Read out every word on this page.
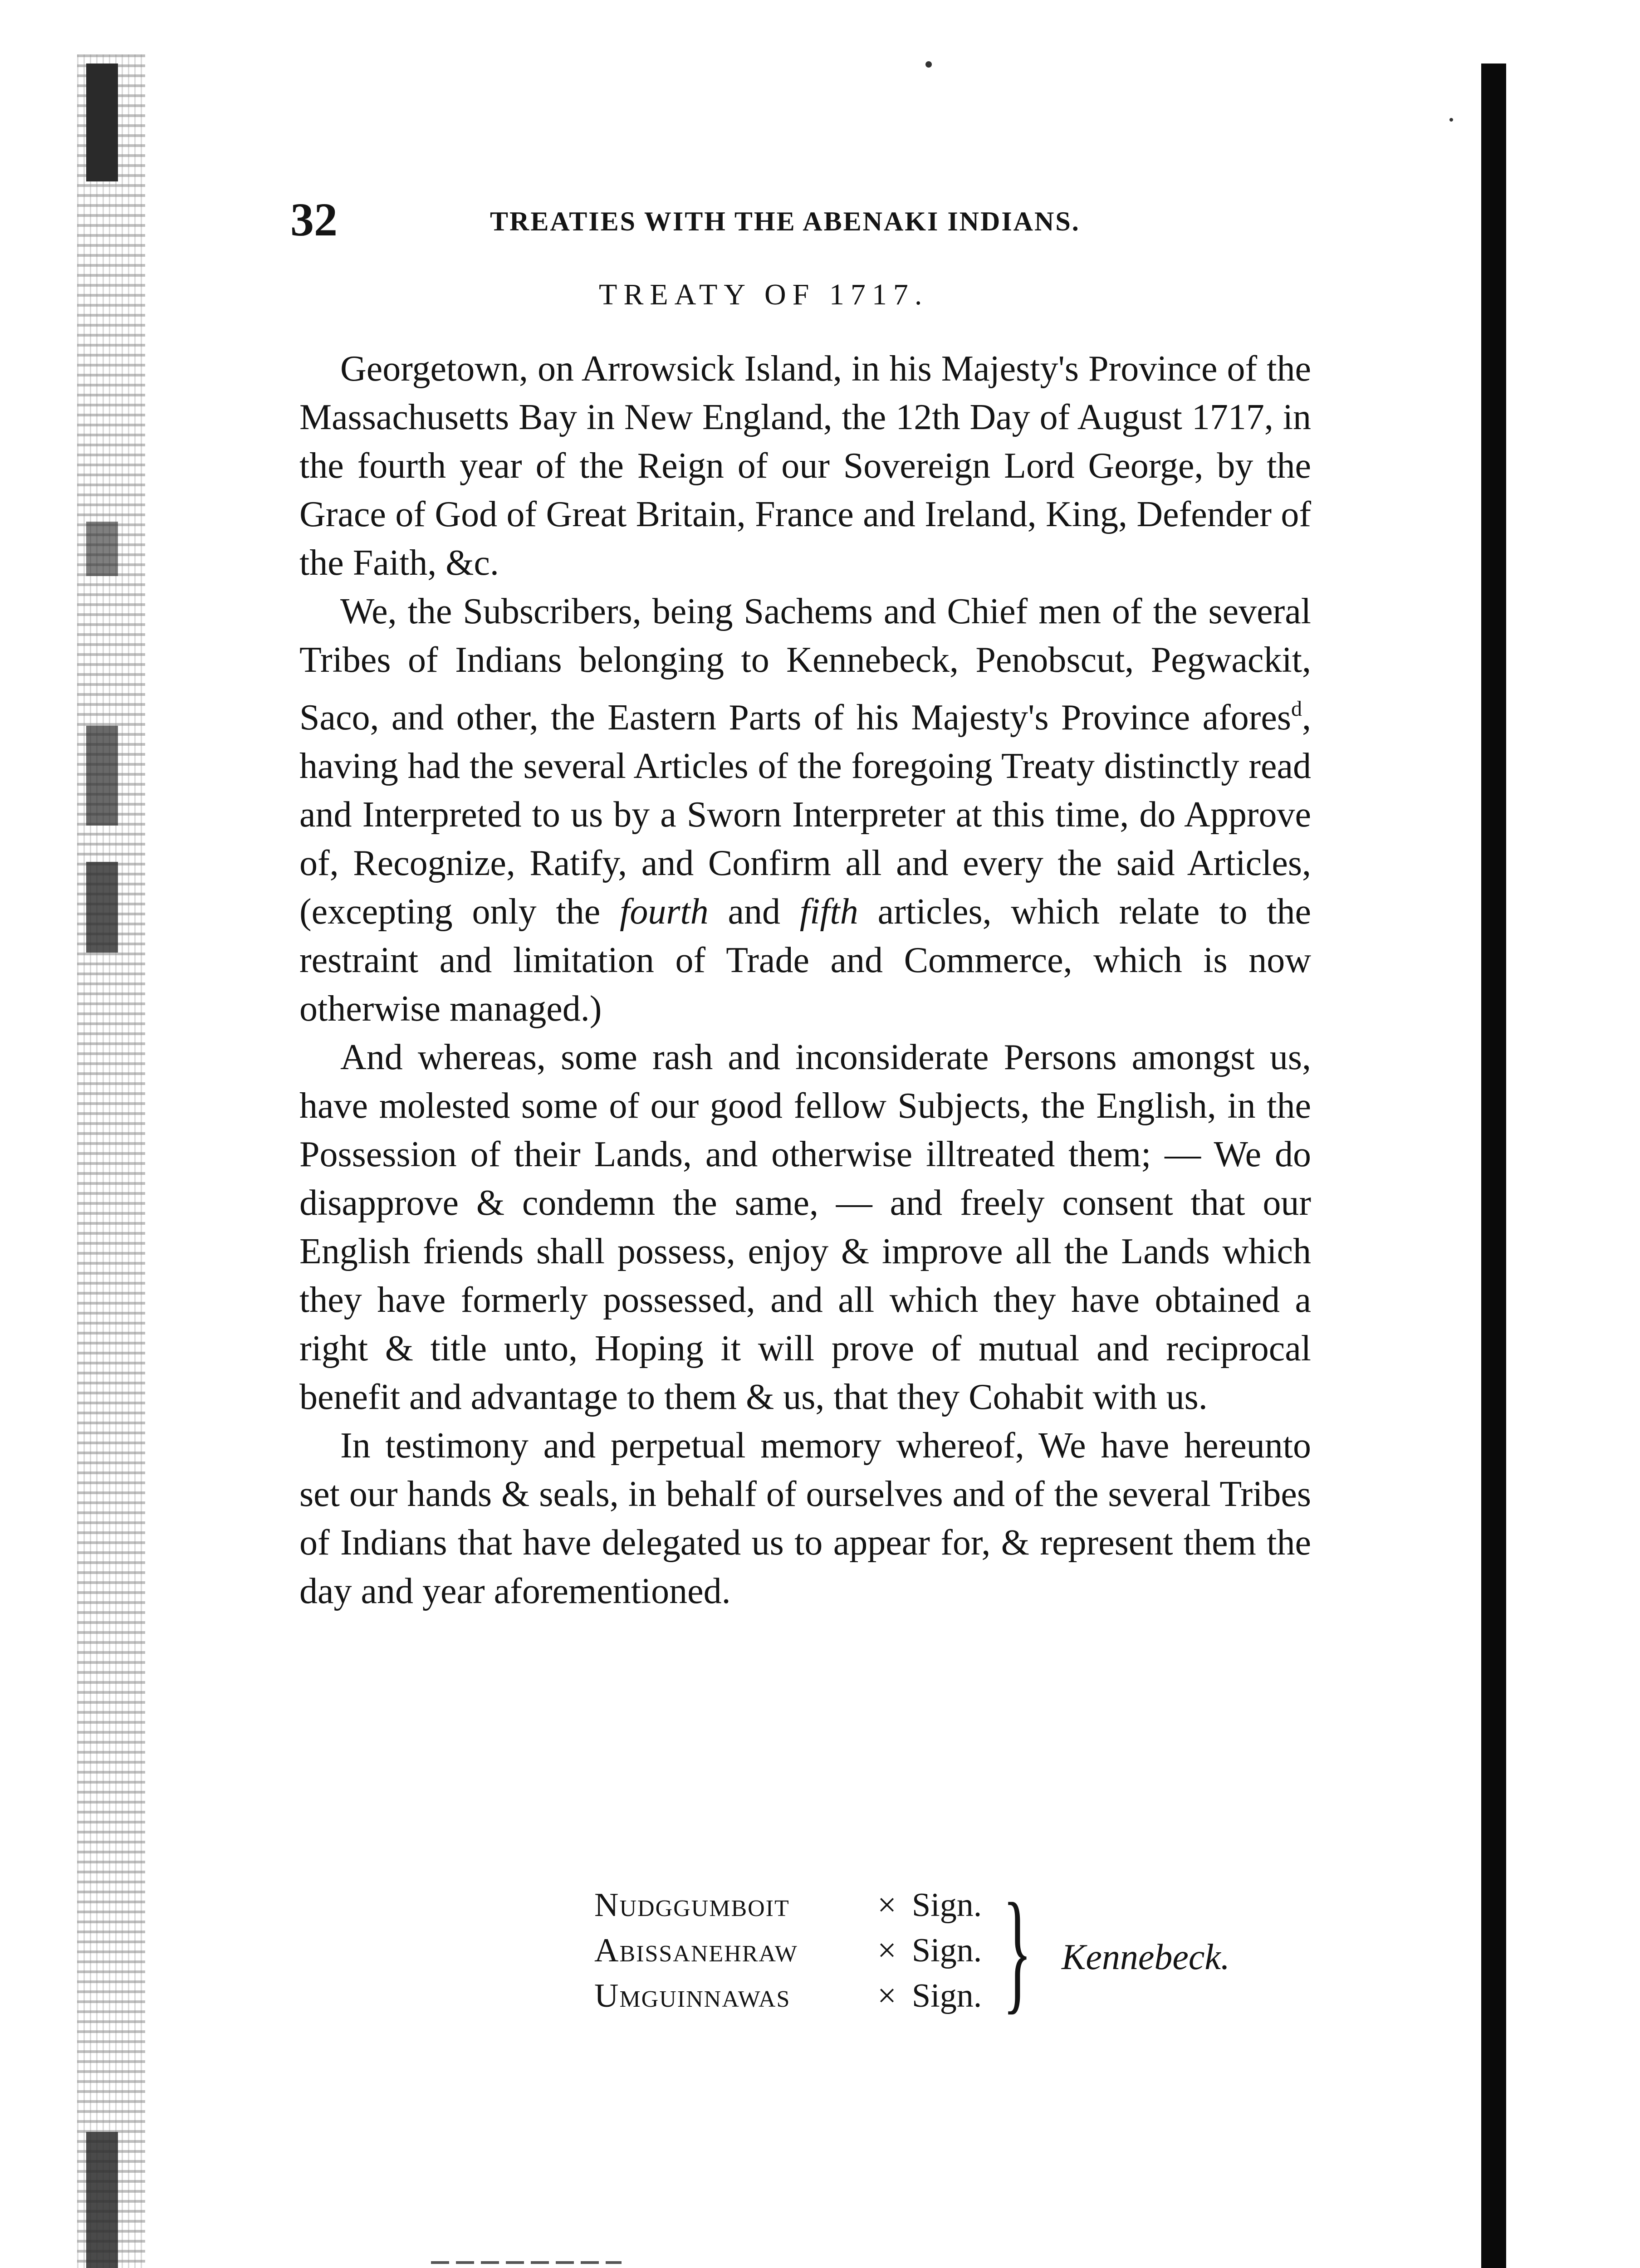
32	TREATIES WITH THE ABENAKI INDIANS.
TREATY OF 1717.

Georgetown, on Arrowsick Island, in his Majesty's Province of the Massachusetts Bay in New England, the 12th Day of August 1717, in the fourth year of the Reign of our Sovereign Lord George, by the Grace of God of Great Britain, France and Ireland, King, Defender of the Faith, &c.

We, the Subscribers, being Sachems and Chief men of the several Tribes of Indians belonging to Kennebeck, Penobscut, Pegwackit, Saco, and other, the Eastern Parts of his Majesty's Province afores$^d$, having had the several Articles of the foregoing Treaty distinctly read and Interpreted to us by a Sworn Interpreter at this time, do Approve of, Recognize, Ratify, and Confirm all and every the said Articles, (excepting only the fourth and fifth articles, which relate to the restraint and limitation of Trade and Commerce, which is now otherwise managed.)

And whereas, some rash and inconsiderate Persons amongst us, have molested some of our good fellow Subjects, the English, in the Possession of their Lands, and otherwise illtreated them; — We do disapprove & condemn the same, — and freely consent that our English friends shall possess, enjoy & improve all the Lands which they have formerly possessed, and all which they have obtained a right & title unto, Hoping it will prove of mutual and reciprocal benefit and advantage to them & us, that they Cohabit with us.

In testimony and perpetual memory whereof, We have hereunto set our hands & seals, in behalf of ourselves and of the several Tribes of Indians that have delegated us to appear for, & represent them the day and year aforementioned.

Nudggumboit	× Sign.
Abissanehraw × Sign.
Umguinnawas	× Sign. } Kennebeck.
